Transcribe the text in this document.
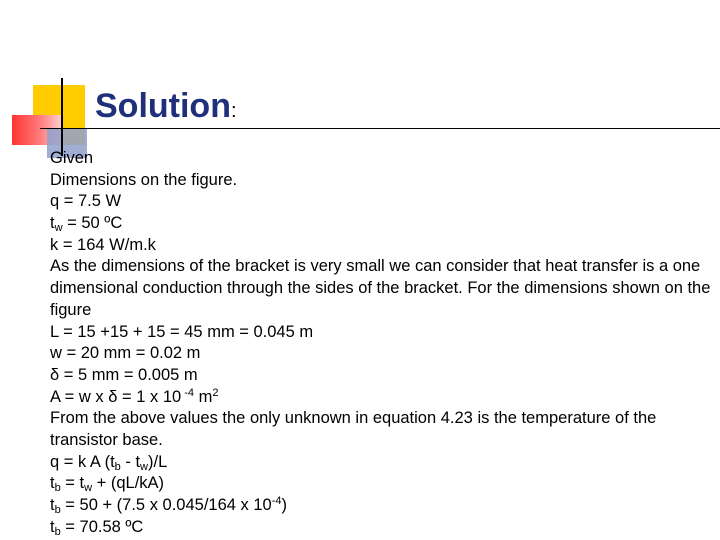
Solution:
Given
Dimensions on the figure.
q = 7.5 W
$t_w = 50$ ºC
k = 164 W/m.k
As the dimensions of the bracket is very small we can consider that heat transfer is a one dimensional conduction through the sides of the bracket. For the dimensions shown on the figure
L = 15 +15 + 15 = 45 mm = 0.045 m
w = 20 mm = 0.02 m
δ = 5 mm = 0.005 m
A = w x δ = 1 x 10 $^{-4}$ $m^2$
From the above values the only unknown in equation 4.23 is the temperature of the transistor base.
q = k A $(t_b - t_w)/L$
$t_b = t_w + (qL/kA)$
$t_b = 50 + (7.5$ x 0.045/164 x $10^{-4}$)
$t_b = 70.58$ ºC
